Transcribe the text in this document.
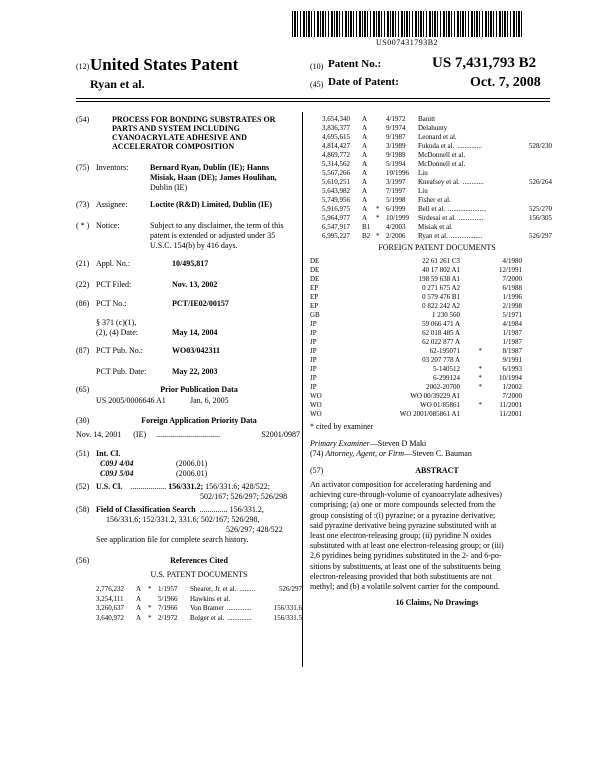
US007431793B2
(12) United States Patent
Ryan et al.
(10) Patent No.:	US 7,431,793 B2
(45) Date of Patent:	Oct. 7, 2008
(54)	PROCESS FOR BONDING SUBSTRATES OR
PARTS AND SYSTEM INCLUDING
CYANOACRYLATE ADHESIVE AND
ACCELERATOR COMPOSITION
(75) Inventors:	Bernard Ryan, Dublin (IE); Hanns
Misiak, Haan (DE); James Houlihan,
Dublin (IE)
(73) Assignee:	Loctite (R&D) Limited, Dublin (IE)
( * ) Notice:	Subject to any disclaimer, the term of this
patent is extended or adjusted under 35
U.S.C. 154(b) by 416 days.
(21) Appl. No.:	10/495,817
(22) PCT Filed:	Nov. 13, 2002
(86) PCT No.:	PCT/IE02/00157
§ 371 (c)(1),
(2), (4) Date:	May 14, 2004
(87) PCT Pub. No.:	WO03/042311
PCT Pub. Date:	May 22, 2003
(65)	Prior Publication Data
US 2005/0006646 A1	Jan. 6, 2005
(30)	Foreign Application Priority Data
Nov. 14, 2001 (IE) ................................	S2001/0987
(51) Int. Cl.
C09J 4/04	(2006.01)
C09J 5/04	(2006.01)
(52) U.S. Cl. .................. 156/331.2; 156/331.6; 428/522;
502/167; 526/297; 526/298
(58) Field of Classification Search .............. 156/331.2,
156/331.6; 152/331.2, 331.6; 502/167; 526/298,
526/297; 428/522
See application file for complete search history.
(56)	References Cited
U.S. PATENT DOCUMENTS
2,776,232	A * 1/1957	Shearer, Jr. et al. .........	526/297
3,254,111	A	5/1966	Hawkins et al.
3,260,637	A * 7/1966	Von Bramer ..............	156/331.6
3,640,972	A * 2/1972	Bolger et al. ..............	156/331.5
3,654,340	A	4/1972	Banitt
3,836,377	A	9/1974	Delahunty
4,695,615	A	9/1987	Leonard et al.
4,814,427	A	3/1989	Fukuda et al. ..............	528/230
4,869,772	A	9/1989	McDonnell et al.
5,314,562	A	5/1994	McDonnell et al.
5,567,266	A	10/1996	Liu
5,610,251	A	3/1997	Kneafsey et al. ............	526/264
5,643,982	A	7/1997	Liu
5,749,956	A	5/1998	Fisher et al.
5,916,975	A	* 6/1999	Bell et al. ......................	525/270
5,964,977	A	* 10/1999	Sirdesai et al. ..............	156/305
6,547,917	B1	4/2003	Misiak et al.
6,995,227	B2 * 2/2006	Ryan et al. ..................	526/297
FOREIGN PATENT DOCUMENTS
DE	22 61 261 C3	4/1980
DE	40 17 802 A1	12/1991
DE	198 59 638 A1	7/2000
EP	0 271 675 A2	6/1988
EP	0 579 476 B1	1/1996
EP	0 822 242 A2	2/1998
GB	1 230 560	5/1971
JP	59 066 471 A	4/1984
JP	62 018 485 A	1/1987
JP	62 022 877 A	1/1987
JP	62-195071	*	8/1987
JP	03 207 778 A	9/1991
JP	5-140512	*	6/1993
JP	6-299124	*	10/1994
JP	2002-20700	*	1/2002
WO	WO 00/39229 A1	7/2000
WO	WO 01/85861	*	11/2001
WO	WO 2001/085861 A1	11/2001
* cited by examiner
Primary Examiner—Steven D Maki
(74) Attorney, Agent, or Firm—Steven C. Bauman
(57)	ABSTRACT
An activator composition for accelerating hardening and
achieving cure-through-volume of cyanoacrylate adhesives)
comprising; (a) one or more compounds selected from the
group consisting of :(i) pyrazine; or a pyrazine derivative;
said pyrazine derivative being pyrazine substituted with at
least one electron-releasing group; (ii) pyridine N oxides
substituted with at least one electron-releasing group; or (iii)
2,6 pyridines being pyridines substituted in the 2- and 6-po-
sitions by substituents, at least one of the substituents being
electron-releasing provided that both substituents are not
methyl; and (b) a volatile solvent carrier for the compound.
16 Claims, No Drawings
